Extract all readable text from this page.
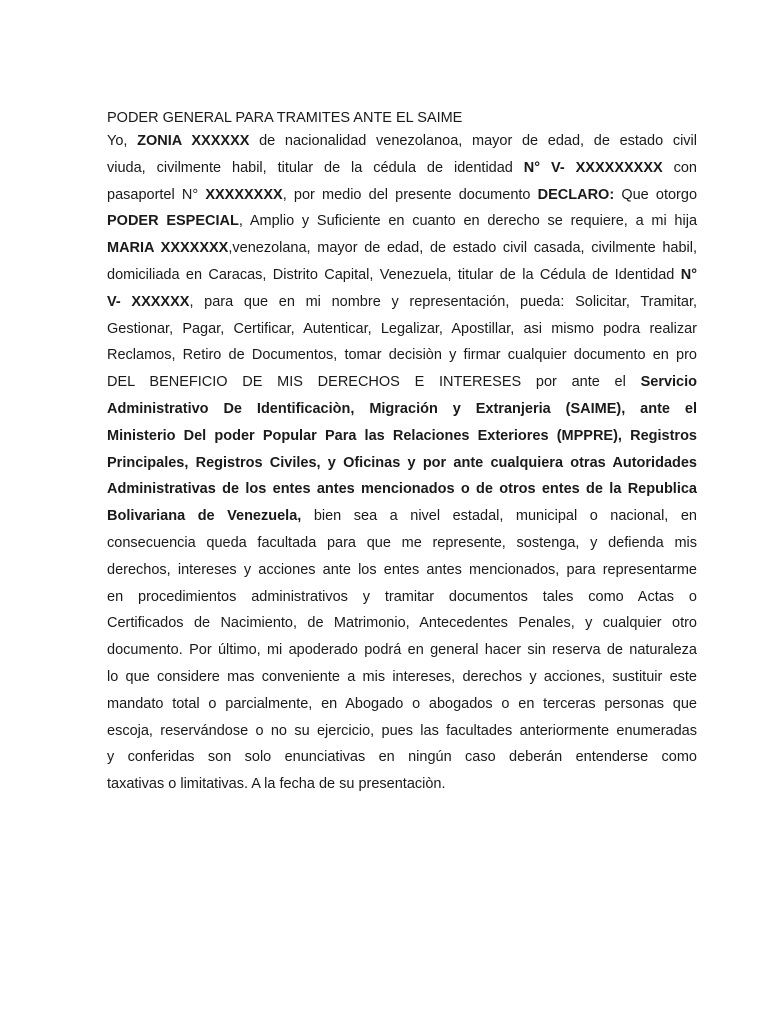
PODER GENERAL PARA TRAMITES ANTE EL SAIME

Yo, ZONIA XXXXXX de nacionalidad venezolanoa, mayor de edad, de estado civil
viuda, civilmente habil, titular de la cédula de identidad N° V- XXXXXXXXX con
pasaportel N° XXXXXXXX, por medio del presente documento DECLARO: Que otorgo
PODER ESPECIAL, Amplio y Suficiente en cuanto en derecho se requiere, a mi hija
MARIA XXXXXXX,venezolana, mayor de edad, de estado civil casada, civilmente habil,
domiciliada en Caracas, Distrito Capital, Venezuela, titular de la Cédula de Identidad N°
V- XXXXXX, para que en mi nombre y representación, pueda: Solicitar, Tramitar,
Gestionar, Pagar, Certificar, Autenticar, Legalizar, Apostillar, asi mismo podra realizar
Reclamos, Retiro de Documentos, tomar decisiòn y firmar cualquier documento en pro
DEL BENEFICIO DE MIS DERECHOS E INTERESES por ante el Servicio
Administrativo De Identificaciòn, Migración y Extranjeria (SAIME), ante el
Ministerio Del poder Popular Para las Relaciones Exteriores (MPPRE), Registros
Principales, Registros Civiles, y Oficinas y por ante cualquiera otras Autoridades
Administrativas de los entes antes mencionados o de otros entes de la Republica
Bolivariana de Venezuela, bien sea a nivel estadal, municipal o nacional, en
consecuencia queda facultada para que me represente, sostenga, y defienda mis
derechos, intereses y acciones ante los entes antes mencionados, para representarme
en procedimientos administrativos y tramitar documentos tales como Actas o
Certificados de Nacimiento, de Matrimonio, Antecedentes Penales, y cualquier otro
documento. Por último, mi apoderado podrá en general hacer sin reserva de naturaleza
lo que considere mas conveniente a mis intereses, derechos y acciones, sustituir este
mandato total o parcialmente, en Abogado o abogados o en terceras personas que
escoja, reservándose o no su ejercicio, pues las facultades anteriormente enumeradas
y conferidas son solo enunciativas en ningún caso deberán entenderse como
taxativas o limitativas. A la fecha de su presentaciòn.
